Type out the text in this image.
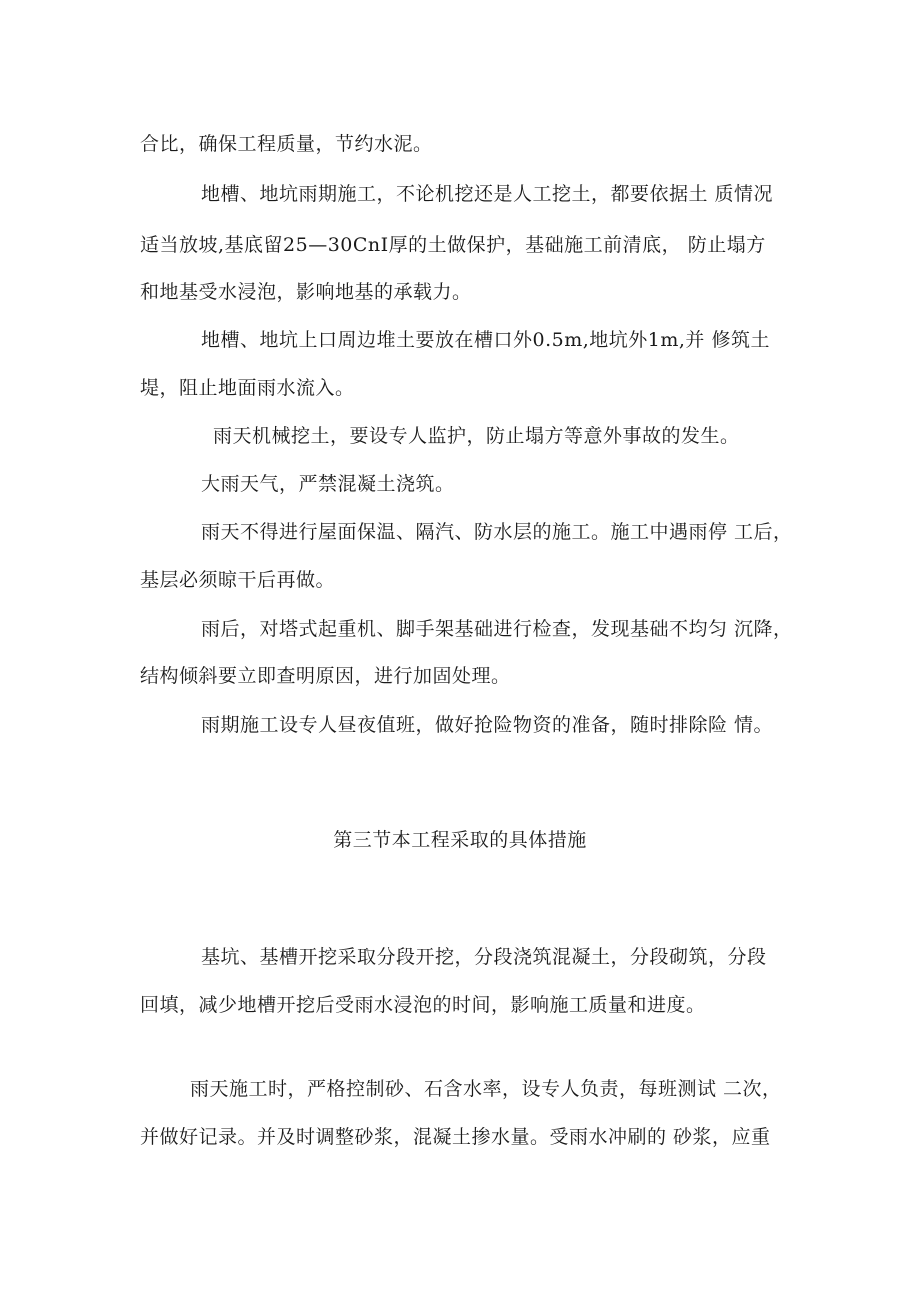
合比，确保工程质量，节约水泥。
地槽、地坑雨期施工，不论机挖还是人工挖土，都要依据土 质情况
适当放坡,基底留25—30CnI厚的土做保护，基础施工前清底， 防止塌方
和地基受水浸泡，影响地基的承载力。
地槽、地坑上口周边堆土要放在槽口外0.5m,地坑外1m,并 修筑土
堤，阻止地面雨水流入。
雨天机械挖土，要设专人监护，防止塌方等意外事故的发生。
大雨天气，严禁混凝土浇筑。
雨天不得进行屋面保温、隔汽、防水层的施工。施工中遇雨停 工后，
基层必须晾干后再做。
雨后，对塔式起重机、脚手架基础进行检查，发现基础不均匀 沉降，
结构倾斜要立即查明原因，进行加固处理。
雨期施工设专人昼夜值班，做好抢险物资的准备，随时排除险 情。
第三节本工程采取的具体措施
基坑、基槽开挖采取分段开挖，分段浇筑混凝土，分段砌筑，分段
回填，减少地槽开挖后受雨水浸泡的时间，影响施工质量和进度。
雨天施工时，严格控制砂、石含水率，设专人负责，每班测试 二次，
并做好记录。并及时调整砂浆，混凝土掺水量。受雨水冲刷的 砂浆，应重
